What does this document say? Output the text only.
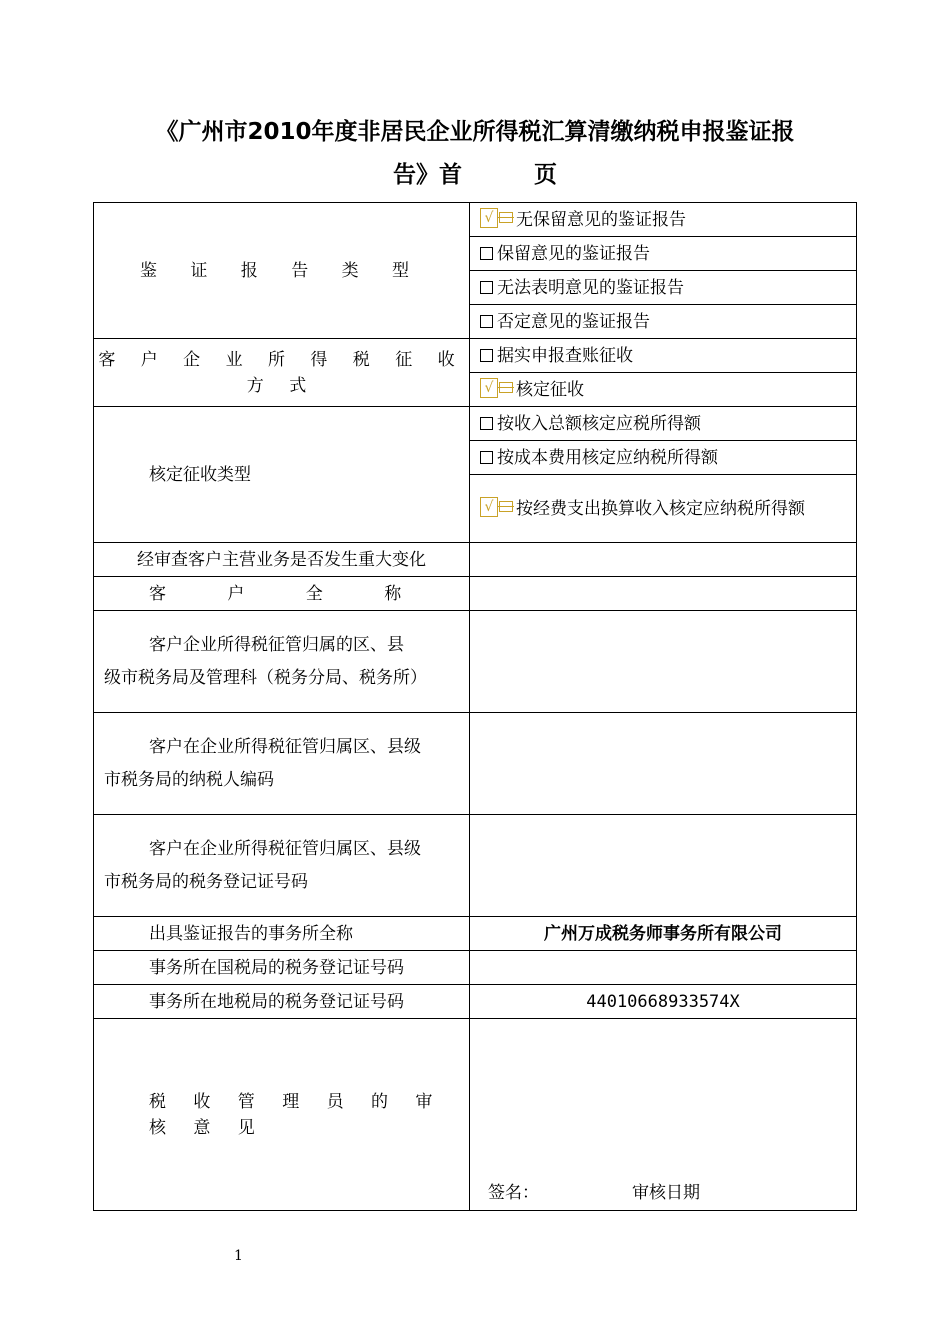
《广州市2010年度非居民企业所得税汇算清缴纳税申报鉴证报
告》首	页
鉴 证 报 告 类 型	√ 无保留意见的鉴证报告
	保留意见的鉴证报告
	无法表明意见的鉴证报告
	否定意见的鉴证报告
客 户 企 业 所 得 税 征 收 方 式	据实申报查账征收

	√ 核定征收
核定征收类型	按收入总额核定应税所得额
	按成本费用核定应纳税所得额

	√ 按经费支出换算收入核定应纳税所得额
经审查客户主营业务是否发生重大变化	
客 户 全 称	

客户企业所得税征管归属的区、县
级市税务局及管理科（税务分局、税务所）	

客户在企业所得税征管归属区、县级
市税务局的纳税人编码	

客户在企业所得税征管归属区、县级
市税务局的税务登记证号码	
出具鉴证报告的事务所全称	广州万成税务师事务所有限公司
事务所在国税局的税务登记证号码	
事务所在地税局的税务登记证号码	44010668933574X
税 收 管 理 员 的 审 核 意 见	签名： 审核日期
1
